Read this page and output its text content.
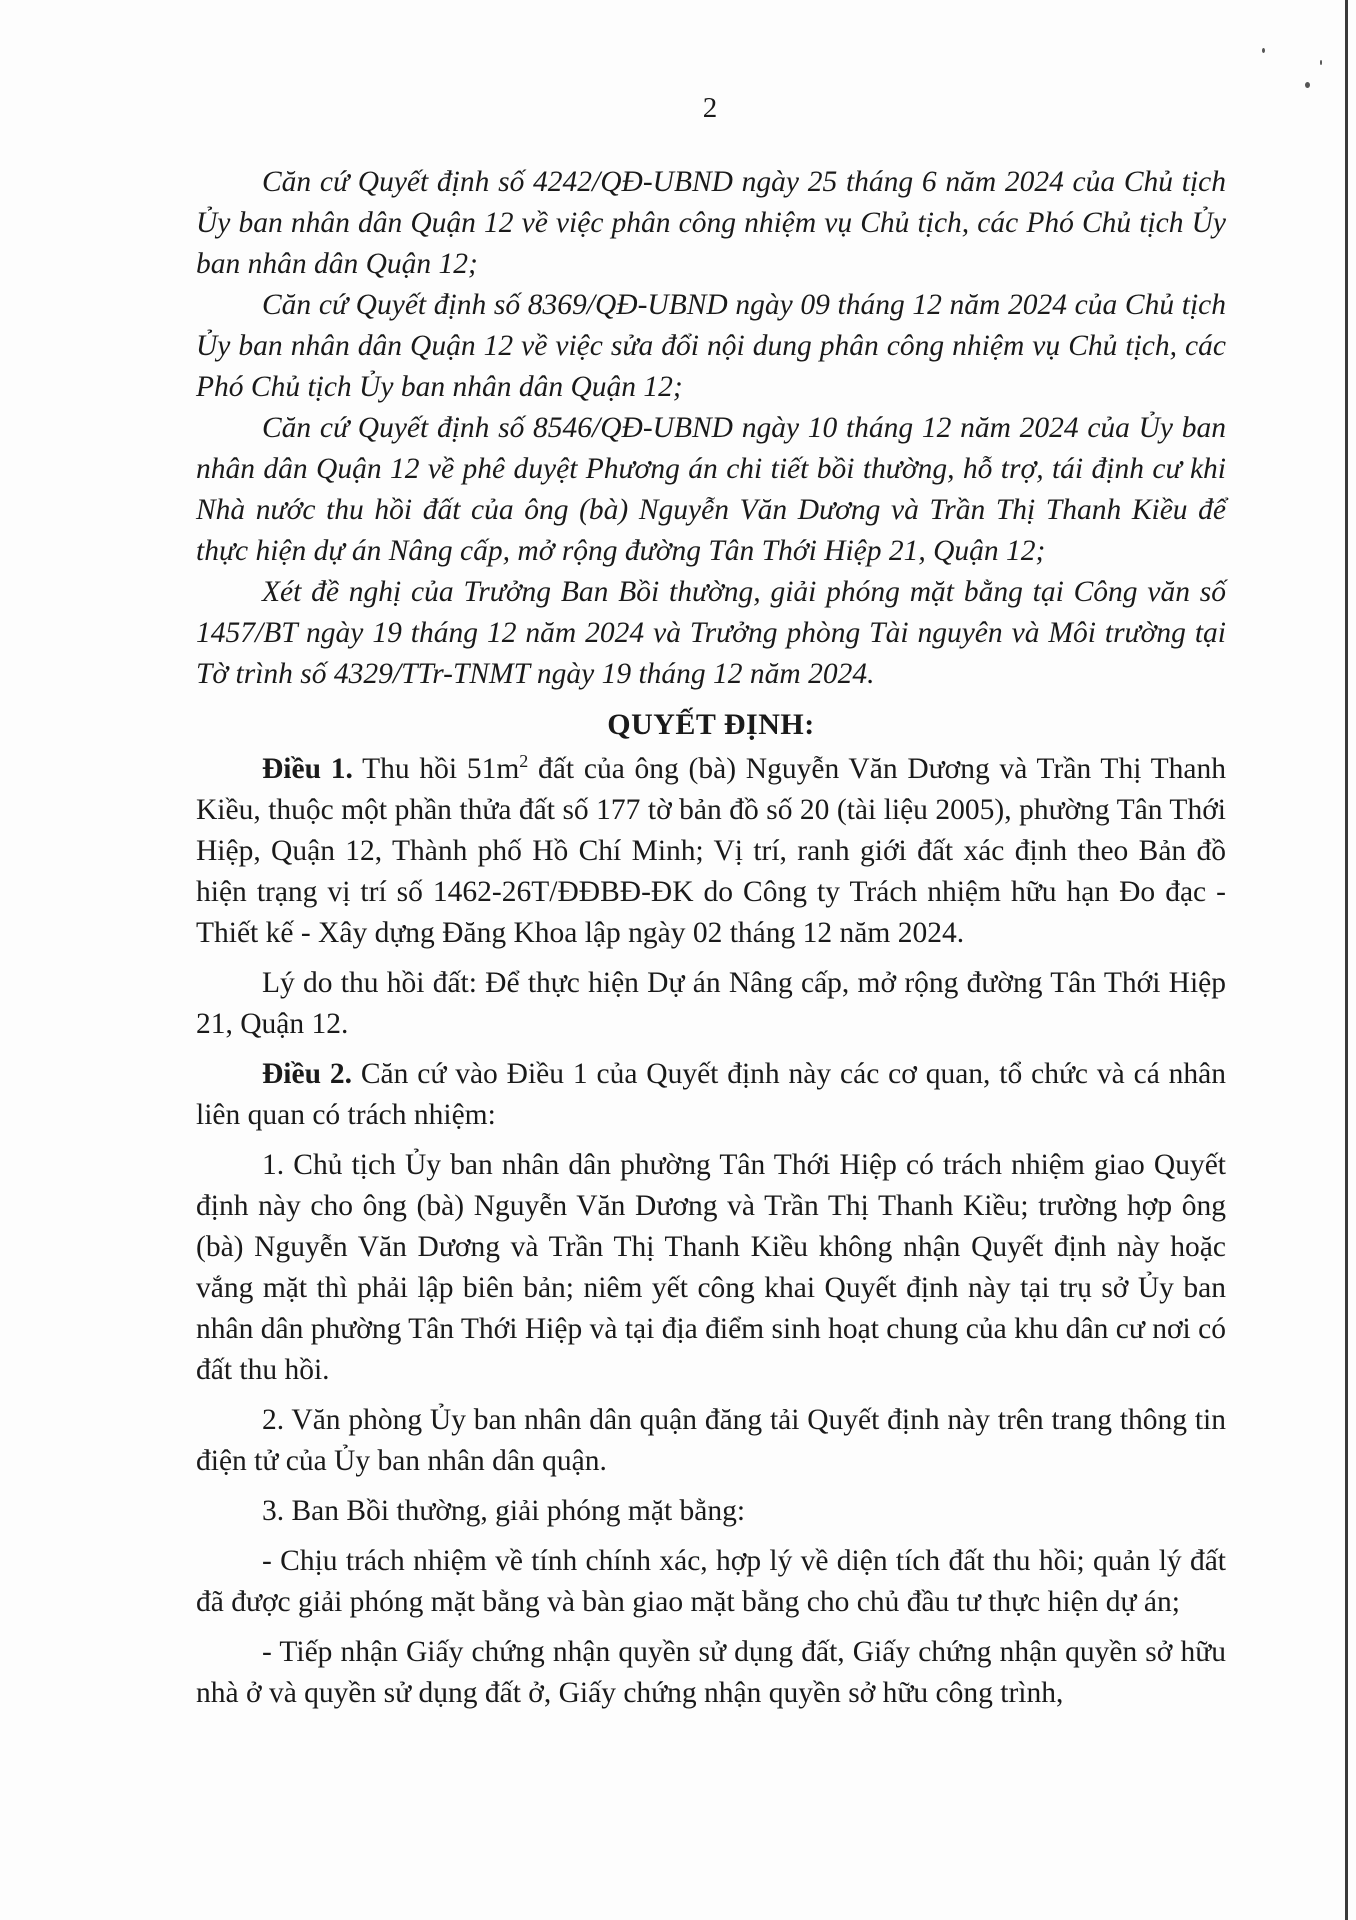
2

Căn cứ Quyết định số 4242/QĐ-UBND ngày 25 tháng 6 năm 2024 của Chủ tịch Ủy ban nhân dân Quận 12 về việc phân công nhiệm vụ Chủ tịch, các Phó Chủ tịch Ủy ban nhân dân Quận 12;

Căn cứ Quyết định số 8369/QĐ-UBND ngày 09 tháng 12 năm 2024 của Chủ tịch Ủy ban nhân dân Quận 12 về việc sửa đổi nội dung phân công nhiệm vụ Chủ tịch, các Phó Chủ tịch Ủy ban nhân dân Quận 12;

Căn cứ Quyết định số 8546/QĐ-UBND ngày 10 tháng 12 năm 2024 của Ủy ban nhân dân Quận 12 về phê duyệt Phương án chi tiết bồi thường, hỗ trợ, tái định cư khi Nhà nước thu hồi đất của ông (bà) Nguyễn Văn Dương và Trần Thị Thanh Kiều để thực hiện dự án Nâng cấp, mở rộng đường Tân Thới Hiệp 21, Quận 12;

Xét đề nghị của Trưởng Ban Bồi thường, giải phóng mặt bằng tại Công văn số 1457/BT ngày 19 tháng 12 năm 2024 và Trưởng phòng Tài nguyên và Môi trường tại Tờ trình số 4329/TTr-TNMT ngày 19 tháng 12 năm 2024.

QUYẾT ĐỊNH:

Điều 1. Thu hồi $51m^2$ đất của ông (bà) Nguyễn Văn Dương và Trần Thị Thanh Kiều, thuộc một phần thửa đất số 177 tờ bản đồ số 20 (tài liệu 2005), phường Tân Thới Hiệp, Quận 12, Thành phố Hồ Chí Minh; Vị trí, ranh giới đất xác định theo Bản đồ hiện trạng vị trí số 1462-26T/ĐĐBĐ-ĐK do Công ty Trách nhiệm hữu hạn Đo đạc - Thiết kế - Xây dựng Đăng Khoa lập ngày 02 tháng 12 năm 2024.

Lý do thu hồi đất: Để thực hiện Dự án Nâng cấp, mở rộng đường Tân Thới Hiệp 21, Quận 12.

Điều 2. Căn cứ vào Điều 1 của Quyết định này các cơ quan, tổ chức và cá nhân liên quan có trách nhiệm:

1. Chủ tịch Ủy ban nhân dân phường Tân Thới Hiệp có trách nhiệm giao Quyết định này cho ông (bà) Nguyễn Văn Dương và Trần Thị Thanh Kiều; trường hợp ông (bà) Nguyễn Văn Dương và Trần Thị Thanh Kiều không nhận Quyết định này hoặc vắng mặt thì phải lập biên bản; niêm yết công khai Quyết định này tại trụ sở Ủy ban nhân dân phường Tân Thới Hiệp và tại địa điểm sinh hoạt chung của khu dân cư nơi có đất thu hồi.

2. Văn phòng Ủy ban nhân dân quận đăng tải Quyết định này trên trang thông tin điện tử của Ủy ban nhân dân quận.

3. Ban Bồi thường, giải phóng mặt bằng:

- Chịu trách nhiệm về tính chính xác, hợp lý về diện tích đất thu hồi; quản lý đất đã được giải phóng mặt bằng và bàn giao mặt bằng cho chủ đầu tư thực hiện dự án;

- Tiếp nhận Giấy chứng nhận quyền sử dụng đất, Giấy chứng nhận quyền sở hữu nhà ở và quyền sử dụng đất ở, Giấy chứng nhận quyền sở hữu công trình,
